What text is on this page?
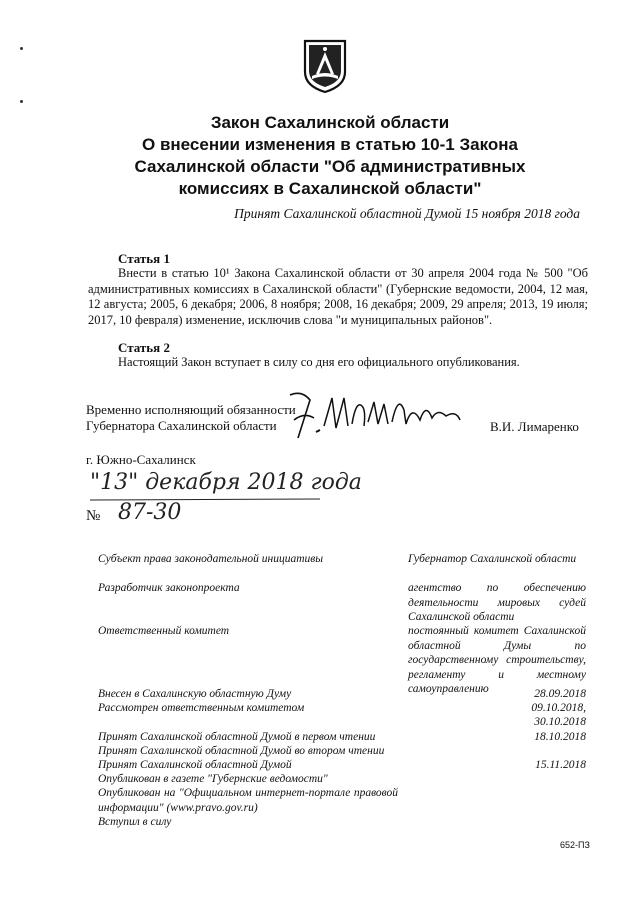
Закон Сахалинской области
О внесении изменения в статью 10-1 Закона
Сахалинской области "Об административных
комиссиях в Сахалинской области"
Принят Сахалинской областной Думой 15 ноября 2018 года
Статья 1
Внести в статью 10¹ Закона Сахалинской области от 30 апреля 2004 года № 500 "Об административных комиссиях в Сахалинской области" (Губернские ведомости, 2004, 12 мая, 12 августа; 2005, 6 декабря; 2006, 8 ноября; 2008, 16 декабря; 2009, 29 апреля; 2013, 19 июля; 2017, 10 февраля) изменение, исключив слова "и муниципальных районов".
Статья 2
Настоящий Закон вступает в силу со дня его официального опубликования.
Временно исполняющий обязанности
Губернатора Сахалинской области	В.И. Лимаренко
г. Южно-Сахалинск
"13" декабря 2018 года
№ 87-30
Субъект права законодательной инициативы	Губернатор Сахалинской области
Разработчик законопроекта	агентство по обеспечению деятельности мировых судей Сахалинской области
Ответственный комитет	постоянный комитет Сахалинской областной Думы по государственному строительству, регламенту и местному самоуправлению
Внесен в Сахалинскую областную Думу	28.09.2018
Рассмотрен ответственным комитетом	09.10.2018,
30.10.2018
Принят Сахалинской областной Думой в первом чтении	18.10.2018
Принят Сахалинской областной Думой во втором чтении
Принят Сахалинской областной Думой	15.11.2018
Опубликован в газете "Губернские ведомости"
Опубликован на "Официальном интернет-портале правовой информации" (www.pravo.gov.ru)
Вступил в силу
652-ПЗ
